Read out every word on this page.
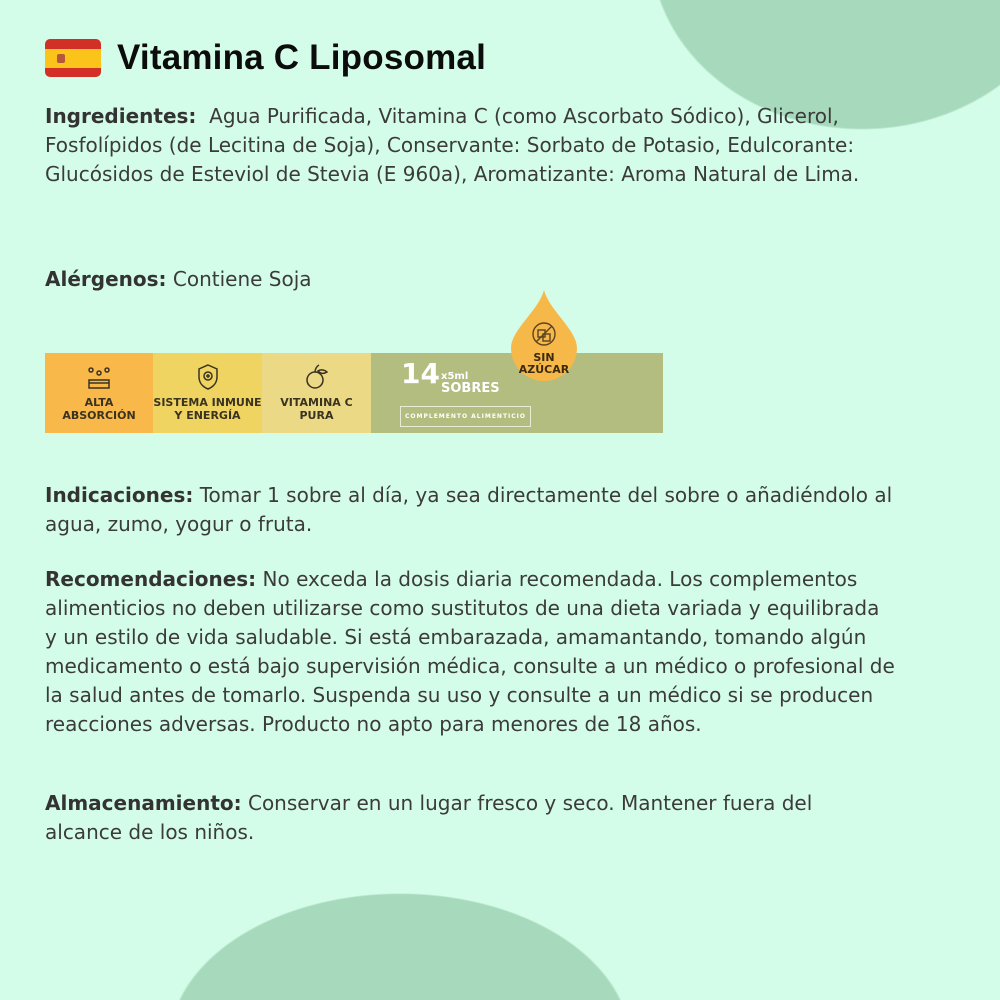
Vitamina C Liposomal
Ingredientes: Agua Purificada, Vitamina C (como Ascorbato Sódico), Glicerol, Fosfolípidos (de Lecitina de Soja), Conservante: Sorbato de Potasio, Edulcorante: Glucósidos de Esteviol de Stevia (E 960a), Aromatizante: Aroma Natural de Lima.
Alérgenos: Contiene Soja
ALTA
ABSORCIÓN
SISTEMA INMUNE
Y ENERGÍA
VITAMINA C
PURA
14 x5ml
SOBRES
COMPLEMENTO ALIMENTICIO
SIN
AZÚCAR
Indicaciones: Tomar 1 sobre al día, ya sea directamente del sobre o añadiéndolo al agua, zumo, yogur o fruta.
Recomendaciones: No exceda la dosis diaria recomendada. Los complementos alimenticios no deben utilizarse como sustitutos de una dieta variada y equilibrada y un estilo de vida saludable. Si está embarazada, amamantando, tomando algún medicamento o está bajo supervisión médica, consulte a un médico o profesional de la salud antes de tomarlo. Suspenda su uso y consulte a un médico si se producen reacciones adversas. Producto no apto para menores de 18 años.
Almacenamiento: Conservar en un lugar fresco y seco. Mantener fuera del alcance de los niños.
